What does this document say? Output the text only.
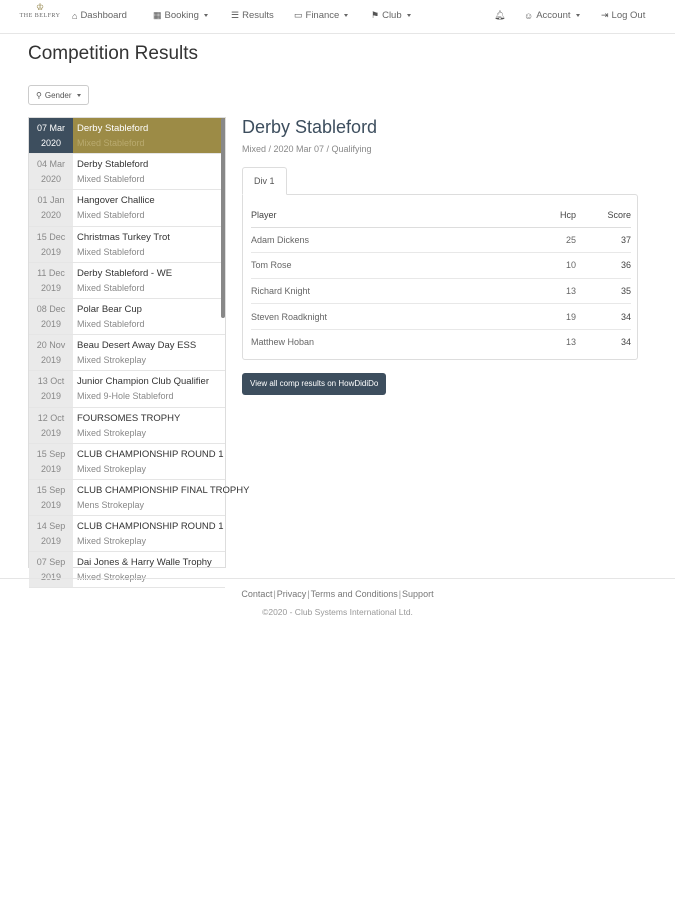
♔
THE BELFRY ⌂ Dashboard	▦ Booking	☰ Results ▭ Finance	⚑ Club	🔔︎ ☺ Account	⇥ Log Out
Competition Results
⚲ Gender
07 Mar
2020
Derby Stableford
Mixed Stableford
04 Mar
2020
Derby Stableford
Mixed Stableford
01 Jan
2020
Hangover Challice
Mixed Stableford
15 Dec
2019
Christmas Turkey Trot
Mixed Stableford
11 Dec
2019
Derby Stableford - WE
Mixed Stableford
08 Dec
2019
Polar Bear Cup
Mixed Stableford
20 Nov
2019
Beau Desert Away Day ESS
Mixed Strokeplay
13 Oct
2019
Junior Champion Club Qualifier
Mixed 9-Hole Stableford
12 Oct
2019
FOURSOMES TROPHY
Mixed Strokeplay
15 Sep
2019
CLUB CHAMPIONSHIP ROUND 1
Mixed Strokeplay
15 Sep
2019
CLUB CHAMPIONSHIP FINAL TROPHY
Mens Strokeplay
14 Sep
2019
CLUB CHAMPIONSHIP ROUND 1
Mixed Strokeplay
07 Sep	Dai Jones & Harry Walle Trophy
Derby Stableford
Mixed / 2020 Mar 07 / Qualifying
Div 1
Player	Hcp	Score
Adam Dickens	25	37
Tom Rose	10	36
Richard Knight	13	35
Steven Roadknight	19	34
Matthew Hoban	13	34
View all comp results on HowDidiDo
Contact|Privacy|Terms and Conditions|Support
©2020 - Club Systems International Ltd.
